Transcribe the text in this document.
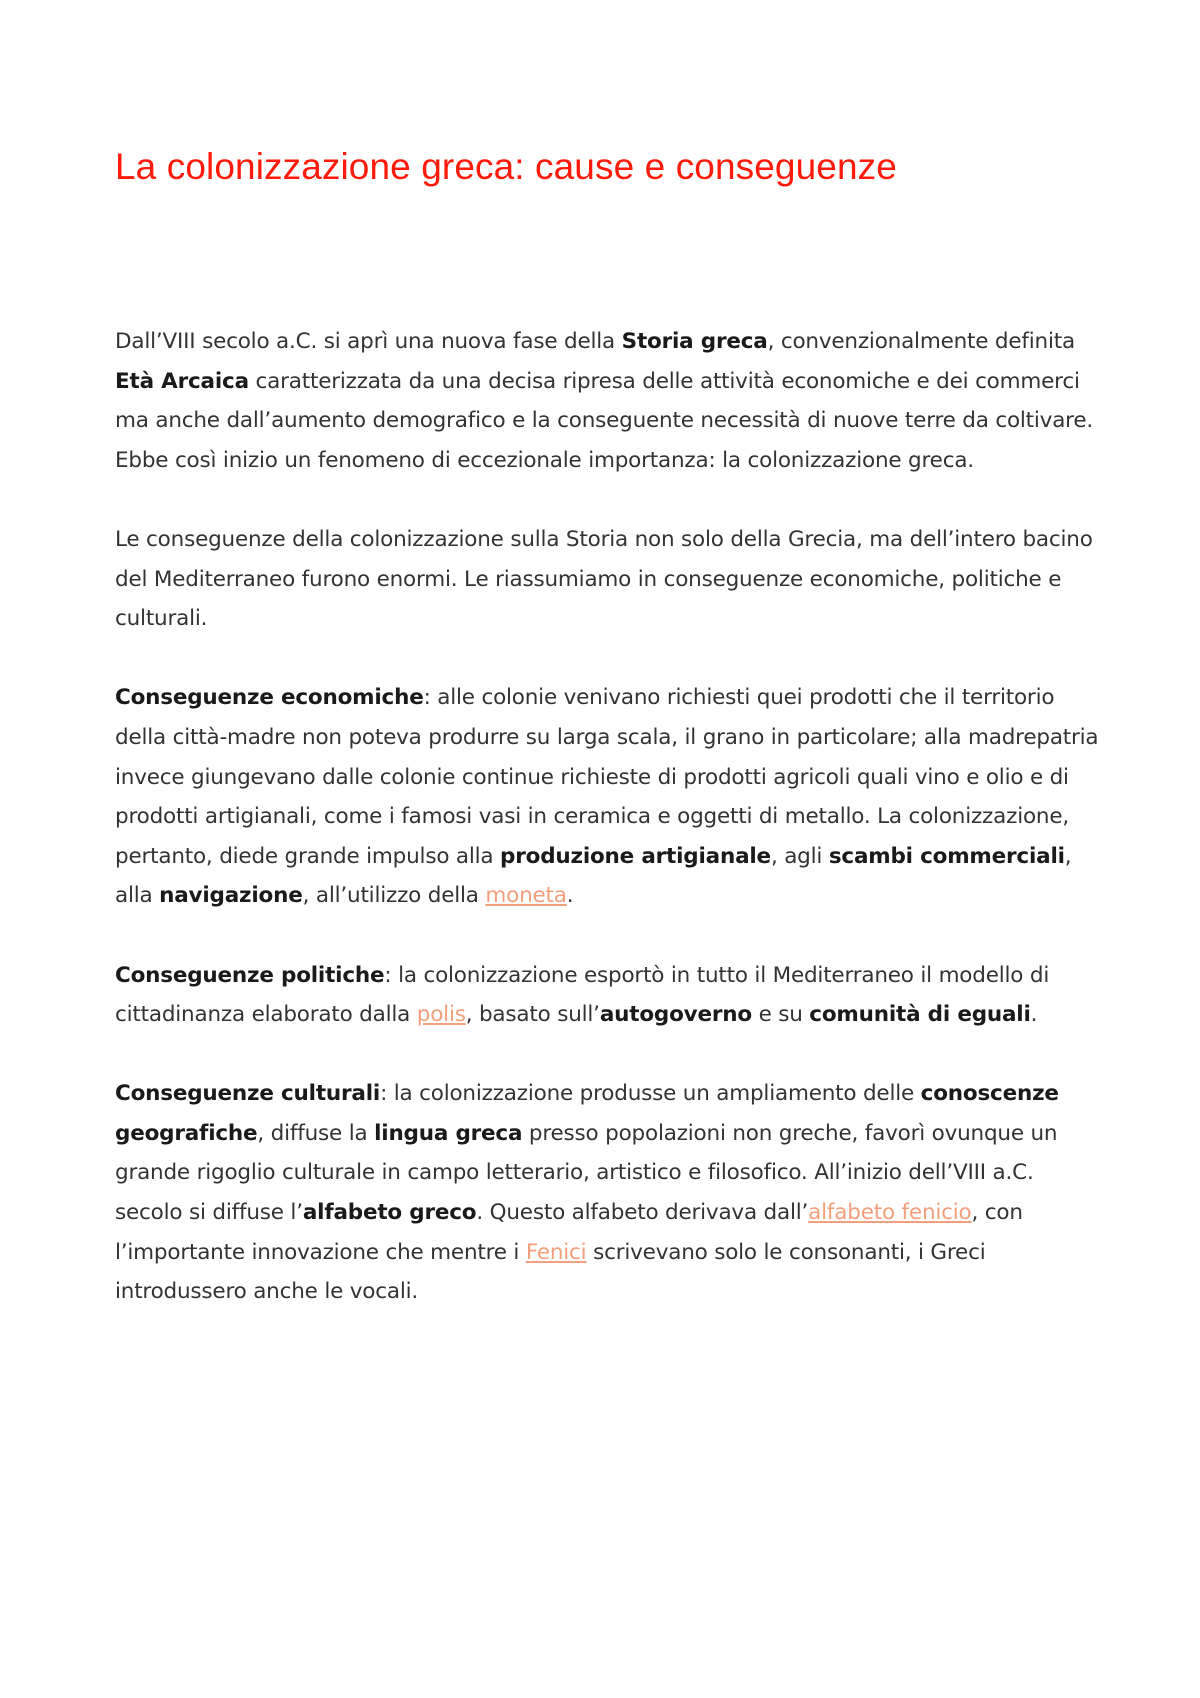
La colonizzazione greca: cause e conseguenze

Dall’VIII secolo a.C. si aprì una nuova fase della Storia greca, convenzionalmente definita Età Arcaica caratterizzata da una decisa ripresa delle attività economiche e dei commerci ma anche dall’aumento demografico e la conseguente necessità di nuove terre da coltivare. Ebbe così inizio un fenomeno di eccezionale importanza: la colonizzazione greca.

Le conseguenze della colonizzazione sulla Storia non solo della Grecia, ma dell’intero bacino del Mediterraneo furono enormi. Le riassumiamo in conseguenze economiche, politiche e culturali.

Conseguenze economiche: alle colonie venivano richiesti quei prodotti che il territorio della città-madre non poteva produrre su larga scala, il grano in particolare; alla madrepatria invece giungevano dalle colonie continue richieste di prodotti agricoli quali vino e olio e di prodotti artigianali, come i famosi vasi in ceramica e oggetti di metallo. La colonizzazione, pertanto, diede grande impulso alla produzione artigianale, agli scambi commerciali, alla navigazione, all’utilizzo della moneta.

Conseguenze politiche: la colonizzazione esportò in tutto il Mediterraneo il modello di cittadinanza elaborato dalla polis, basato sull’autogoverno e su comunità di eguali.

Conseguenze culturali: la colonizzazione produsse un ampliamento delle conoscenze geografiche, diffuse la lingua greca presso popolazioni non greche, favorì ovunque un grande rigoglio culturale in campo letterario, artistico e filosofico. All’inizio dell’VIII a.C. secolo si diffuse l’alfabeto greco. Questo alfabeto derivava dall’alfabeto fenicio, con l’importante innovazione che mentre i Fenici scrivevano solo le consonanti, i Greci introdussero anche le vocali.
